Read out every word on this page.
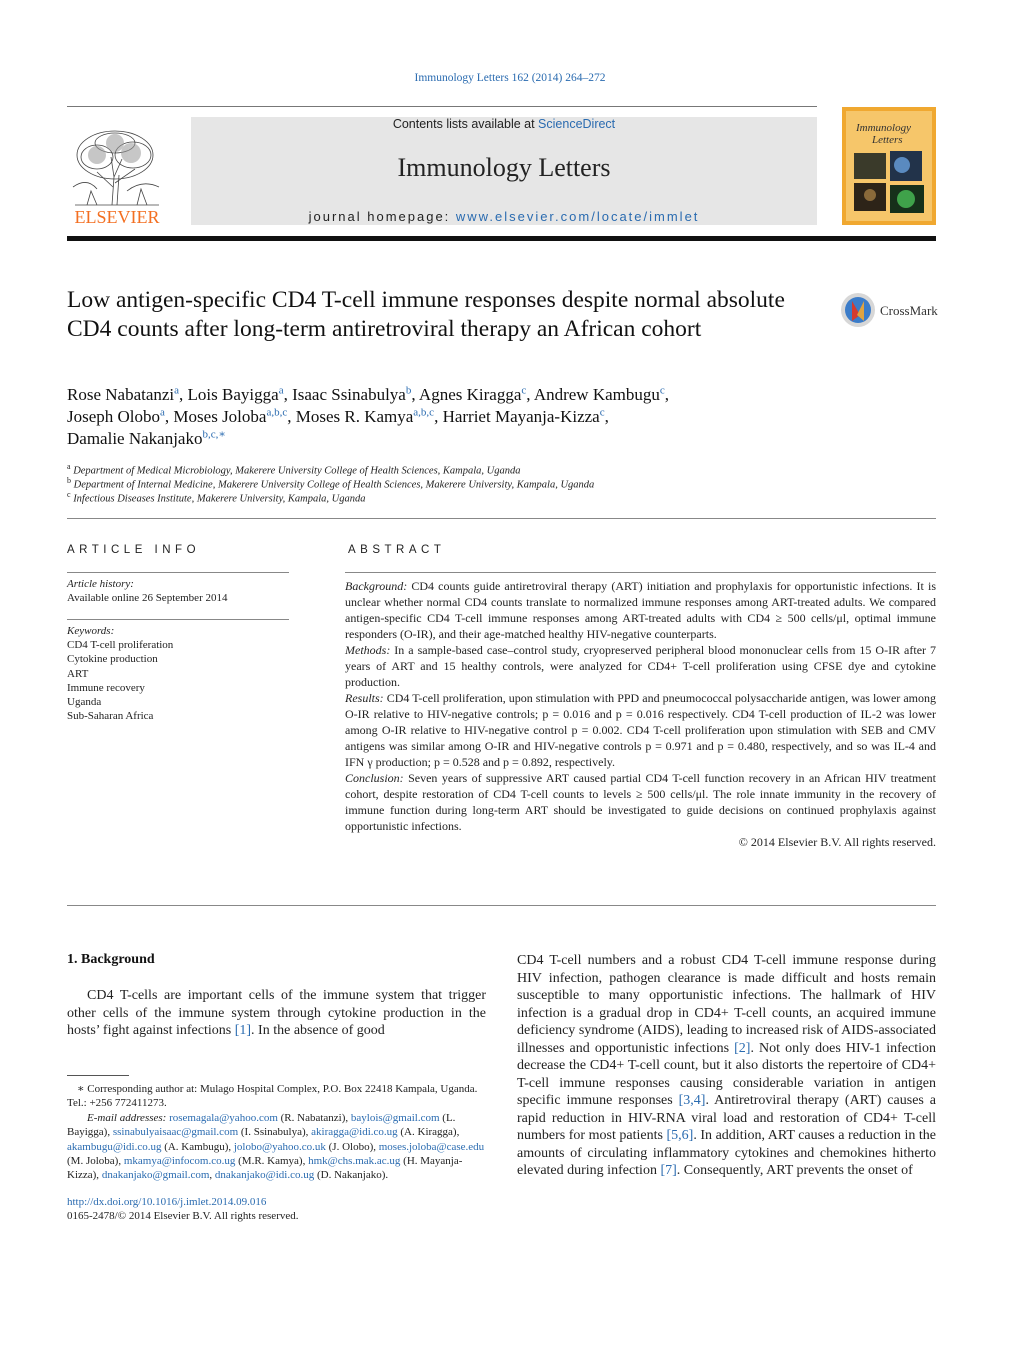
Immunology Letters 162 (2014) 264–272
ELSEVIER
Contents lists available at ScienceDirect
Immunology Letters
journal homepage: www.elsevier.com/locate/immlet
Immunology
Letters
Low antigen-specific CD4 T-cell immune responses despite normal absolute CD4 counts after long-term antiretroviral therapy an African cohort
CrossMark
Rose Nabatanzi$^a$, Lois Bayigga$^a$, Isaac Ssinabulya$^b$, Agnes Kiragga$^c$, Andrew Kambugu$^c$,
Joseph Olobo$^a$, Moses Joloba$^{a,b,c}$, Moses R. Kamya$^{a,b,c}$, Harriet Mayanja-Kizza$^c$,
Damalie Nakanjako$^{b,c,∗}$
$^a$ Department of Medical Microbiology, Makerere University College of Health Sciences, Kampala, Uganda
$^b$ Department of Internal Medicine, Makerere University College of Health Sciences, Makerere University, Kampala, Uganda
$^c$ Infectious Diseases Institute, Makerere University, Kampala, Uganda
ARTICLE INFO
Article history:
Available online 26 September 2014
Keywords:
CD4 T-cell proliferation
Cytokine production
ART
Immune recovery
Uganda
Sub-Saharan Africa
ABSTRACT

Background: CD4 counts guide antiretroviral therapy (ART) initiation and prophylaxis for opportunistic infections. It is unclear whether normal CD4 counts translate to normalized immune responses among ART-treated adults. We compared antigen-specific CD4 T-cell immune responses among ART-treated adults with CD4 ≥ 500 cells/μl, optimal immune responders (O-IR), and their age-matched healthy HIV-negative counterparts.

Methods: In a sample-based case–control study, cryopreserved peripheral blood mononuclear cells from 15 O-IR after 7 years of ART and 15 healthy controls, were analyzed for CD4+ T-cell proliferation using CFSE dye and cytokine production.

Results: CD4 T-cell proliferation, upon stimulation with PPD and pneumococcal polysaccharide antigen, was lower among O-IR relative to HIV-negative controls; p = 0.016 and p = 0.016 respectively. CD4 T-cell production of IL-2 was lower among O-IR relative to HIV-negative control p = 0.002. CD4 T-cell proliferation upon stimulation with SEB and CMV antigens was similar among O-IR and HIV-negative controls p = 0.971 and p = 0.480, respectively, and so was IL-4 and IFN γ production; p = 0.528 and p = 0.892, respectively.

Conclusion: Seven years of suppressive ART caused partial CD4 T-cell function recovery in an African HIV treatment cohort, despite restoration of CD4 T-cell counts to levels ≥ 500 cells/μl. The role innate immunity in the recovery of immune function during long-term ART should be investigated to guide decisions on continued prophylaxis against opportunistic infections.

© 2014 Elsevier B.V. All rights reserved.

1. Background

CD4 T-cells are important cells of the immune system that trigger other cells of the immune system through cytokine production in the hosts’ fight against infections [1]. In the absence of good

CD4 T-cell numbers and a robust CD4 T-cell immune response during HIV infection, pathogen clearance is made difficult and hosts remain susceptible to many opportunistic infections. The hallmark of HIV infection is a gradual drop in CD4+ T-cell counts, an acquired immune deficiency syndrome (AIDS), leading to increased risk of AIDS-associated illnesses and opportunistic infections [2]. Not only does HIV-1 infection decrease the CD4+ T-cell count, but it also distorts the repertoire of CD4+ T-cell immune responses causing considerable variation in antigen specific immune responses [3,4]. Antiretroviral therapy (ART) causes a rapid reduction in HIV-RNA viral load and restoration of CD4+ T-cell numbers for most patients [5,6]. In addition, ART causes a reduction in the amounts of circulating inflammatory cytokines and chemokines hitherto elevated during infection [7]. Consequently, ART prevents the onset of

∗ Corresponding author at: Mulago Hospital Complex, P.O. Box 22418 Kampala, Uganda. Tel.: +256 772411273.

E-mail addresses: rosemagala@yahoo.com (R. Nabatanzi), baylois@gmail.com (L. Bayigga), ssinabulyaisaac@gmail.com (I. Ssinabulya), akiragga@idi.co.ug (A. Kiragga), akambugu@idi.co.ug (A. Kambugu), jolobo@yahoo.co.uk (J. Olobo), moses.joloba@case.edu (M. Joloba), mkamya@infocom.co.ug (M.R. Kamya), hmk@chs.mak.ac.ug (H. Mayanja-Kizza), dnakanjako@gmail.com, dnakanjako@idi.co.ug (D. Nakanjako).

http://dx.doi.org/10.1016/j.imlet.2014.09.016

0165-2478/© 2014 Elsevier B.V. All rights reserved.
